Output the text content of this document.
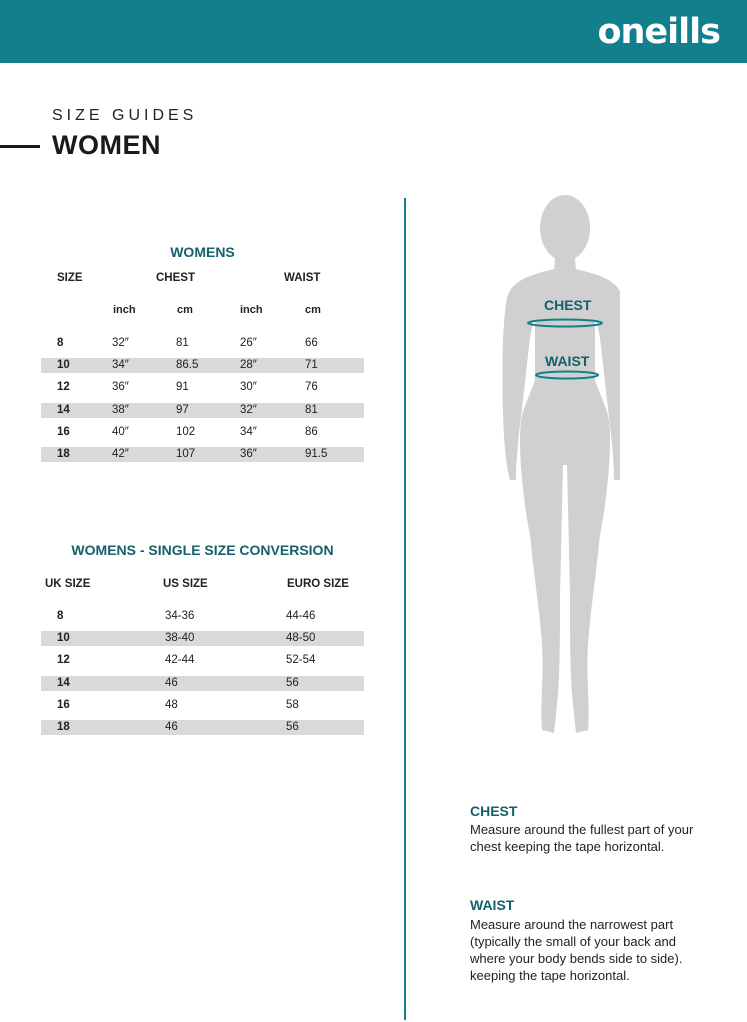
oneills
SIZE GUIDES
WOMEN
WOMENS
SIZE	CHEST	WAIST
inch	cm	inch	cm
8	32″	81	26″	66
10	34″	86.5	28″	71
12	36″	91	30″	76
14	38″	97	32″	81
16	40″	102	34″	86
18	42″	107	36″	91.5
WOMENS - SINGLE SIZE CONVERSION
UK SIZE	US SIZE	EURO SIZE
8	34-36	44-46
10	38-40	48-50
12	42-44	52-54
14	46	56
16	48	58
18	46	56
CHEST
WAIST
CHEST
Measure around the fullest part of your chest keeping the tape horizontal.
WAIST
Measure around the narrowest part (typically the small of your back and where your body bends side to side). keeping the tape horizontal.
